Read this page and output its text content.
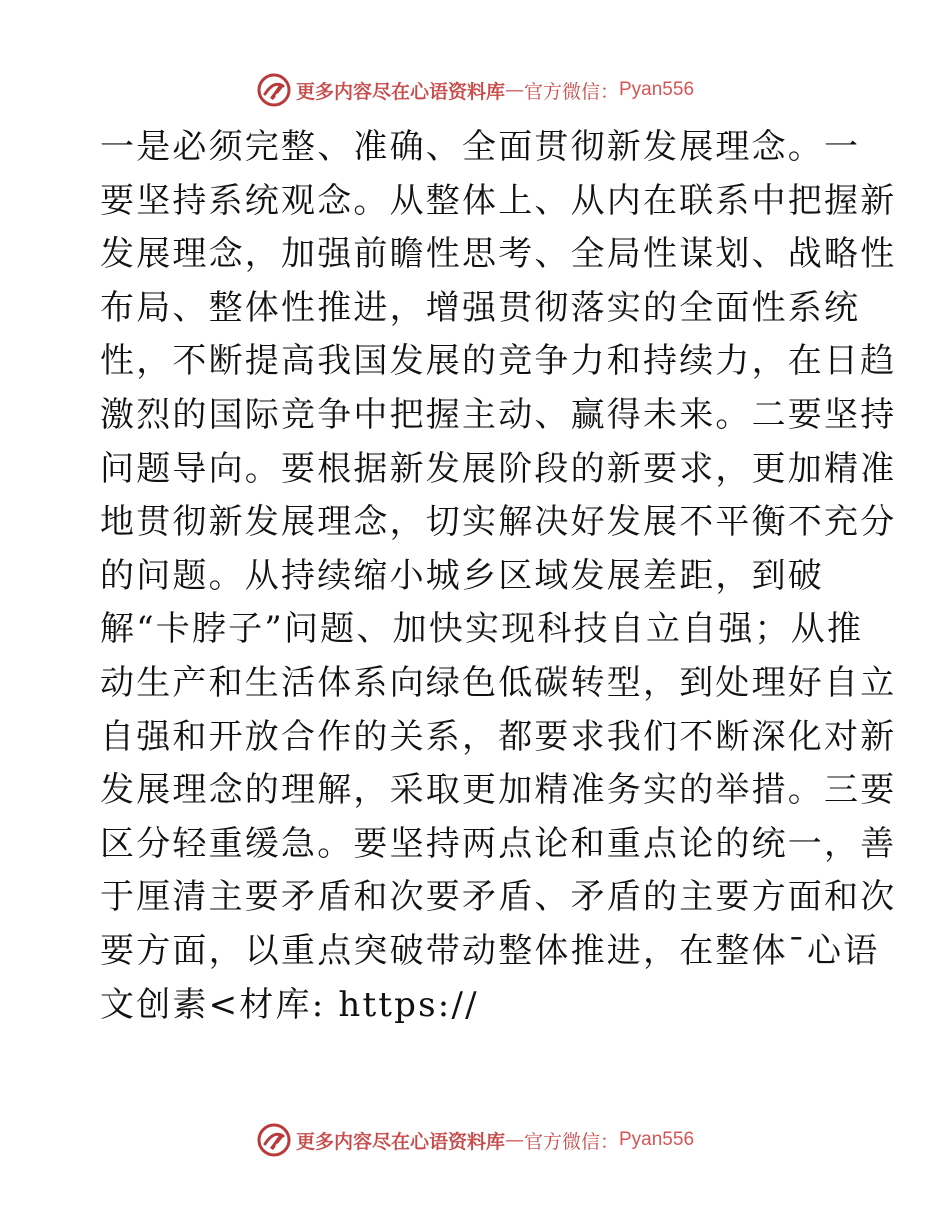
更多内容尽在心语资料库 — 官方微信： Pyan556
一是必须完整、准确、全面贯彻新发展理念。一
要坚持系统观念。从整体上、从内在联系中把握新
发展理念，加强前瞻性思考、全局性谋划、战略性
布局、整体性推进，增强贯彻落实的全面性系统
性，不断提高我国发展的竞争力和持续力，在日趋
激烈的国际竞争中把握主动、赢得未来。二要坚持
问题导向。要根据新发展阶段的新要求，更加精准
地贯彻新发展理念，切实解决好发展不平衡不充分
的问题。从持续缩小城乡区域发展差距，到破
解“卡脖子”问题、加快实现科技自立自强；从推
动生产和生活体系向绿色低碳转型，到处理好自立
自强和开放合作的关系，都要求我们不断深化对新
发展理念的理解，采取更加精准务实的举措。三要
区分轻重缓急。要坚持两点论和重点论的统一，善
于厘清主要矛盾和次要矛盾、矛盾的主要方面和次
要方面，以重点突破带动整体推进，在整体¯心语
文创素<材库: https://
更多内容尽在心语资料库 — 官方微信： Pyan556
